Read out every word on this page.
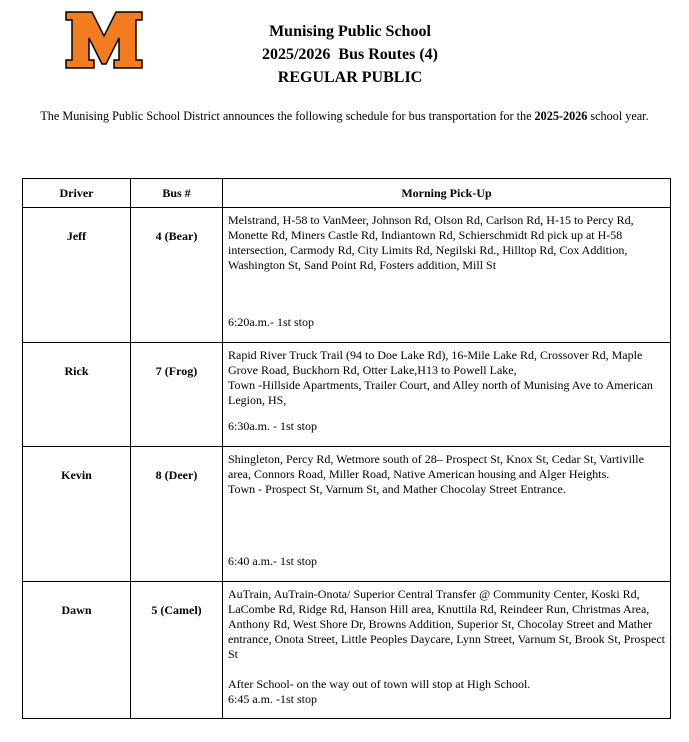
Munising Public School
2025/2026  Bus Routes (4)
REGULAR PUBLIC
The Munising Public School District announces the following schedule for bus transportation for the 2025-2026 school year.
Driver	Bus #	Morning Pick-Up
Jeff	4 (Bear)	Melstrand, H-58 to VanMeer, Johnson Rd, Olson Rd, Carlson Rd, H-15 to Percy Rd, Monette Rd, Miners Castle Rd, Indiantown Rd, Schierschmidt Rd pick up at H-58 intersection, Carmody Rd, City Limits Rd, Negilski Rd., Hilltop Rd, Cox Addition, Washington St, Sand Point Rd, Fosters addition, Mill St
6:20a.m.- 1st stop

Rick	7 (Frog)	Rapid River Truck Trail (94 to Doe Lake Rd), 16-Mile Lake Rd, Crossover Rd, Maple Grove Road, Buckhorn Rd, Otter Lake,H13 to Powell Lake,
Town -Hillside Apartments, Trailer Court, and Alley north of Munising Ave to American Legion, HS,
6:30a.m. - 1st stop

Kevin	8 (Deer)	Shingleton, Percy Rd, Wetmore south of 28– Prospect St, Knox St, Cedar St, Vartiville area, Connors Road, Miller Road, Native American housing and Alger Heights.
Town - Prospect St, Varnum St, and Mather Chocolay Street Entrance.
6:40 a.m.- 1st stop

Dawn	5 (Camel)	AuTrain, AuTrain-Onota/ Superior Central Transfer @ Community Center, Koski Rd, LaCombe Rd, Ridge Rd, Hanson Hill area, Knuttila Rd, Reindeer Run, Christmas Area, Anthony Rd, West Shore Dr, Browns Addition, Superior St, Chocolay Street and Mather entrance, Onota Street, Little Peoples Daycare, Lynn Street, Varnum St, Brook St, Prospect St
After School- on the way out of town will stop at High School.
6:45 a.m. -1st stop
